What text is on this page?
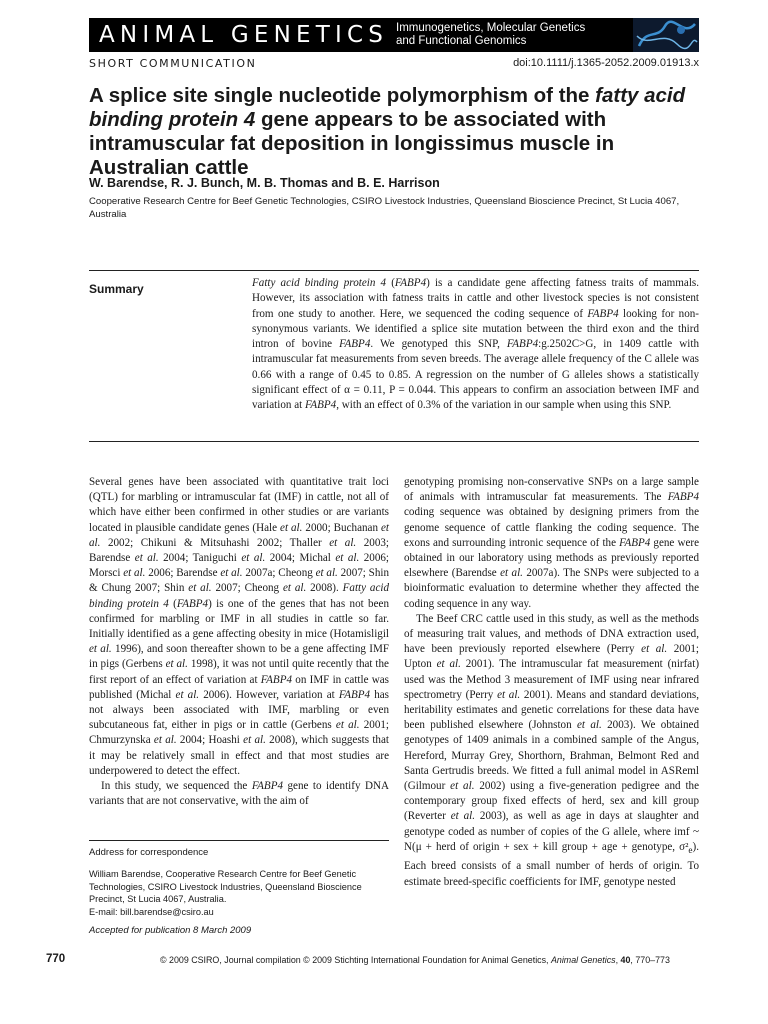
ANIMAL GENETICS Immunogenetics, Molecular Genetics
and Functional Genomics
SHORT COMMUNICATION	doi:10.1111/j.1365-2052.2009.01913.x
A splice site single nucleotide polymorphism of the fatty acid binding protein 4 gene appears to be associated with intramuscular fat deposition in longissimus muscle in Australian cattle
W. Barendse, R. J. Bunch, M. B. Thomas and B. E. Harrison
Cooperative Research Centre for Beef Genetic Technologies, CSIRO Livestock Industries, Queensland Bioscience Precinct, St Lucia 4067, Australia
Summary	Fatty acid binding protein 4 (FABP4) is a candidate gene affecting fatness traits of mammals. However, its association with fatness traits in cattle and other livestock species is not consistent from one study to another. Here, we sequenced the coding sequence of FABP4 looking for non-synonymous variants. We identified a splice site mutation between the third exon and the third intron of bovine FABP4. We genotyped this SNP, FABP4:g.2502C>G, in 1409 cattle with intramuscular fat measurements from seven breeds. The average allele frequency of the C allele was 0.66 with a range of 0.45 to 0.85. A regression on the number of G alleles shows a statistically significant effect of α = 0.11, P = 0.044. This appears to confirm an association between IMF and variation at FABP4, with an effect of 0.3% of the variation in our sample when using this SNP.

Several genes have been associated with quantitative trait loci (QTL) for marbling or intramuscular fat (IMF) in cattle, not all of which have either been confirmed in other studies or are variants located in plausible candidate genes (Hale et al. 2000; Buchanan et al. 2002; Chikuni & Mitsuhashi 2002; Thaller et al. 2003; Barendse et al. 2004; Taniguchi et al. 2004; Michal et al. 2006; Morsci et al. 2006; Barendse et al. 2007a; Cheong et al. 2007; Shin & Chung 2007; Shin et al. 2007; Cheong et al. 2008). Fatty acid binding protein 4 (FABP4) is one of the genes that has not been confirmed for marbling or IMF in all studies in cattle so far. Initially identified as a gene affecting obesity in mice (Hotamisligil et al. 1996), and soon thereafter shown to be a gene affecting IMF in pigs (Gerbens et al. 1998), it was not until quite recently that the first report of an effect of variation at FABP4 on IMF in cattle was published (Michal et al. 2006). However, variation at FABP4 has not always been associated with IMF, marbling or even subcutaneous fat, either in pigs or in cattle (Gerbens et al. 2001; Chmurzynska et al. 2004; Hoashi et al. 2008), which suggests that it may be relatively small in effect and that most studies are underpowered to detect the effect.

In this study, we sequenced the FABP4 gene to identify DNA variants that are not conservative, with the aim of

genotyping promising non-conservative SNPs on a large sample of animals with intramuscular fat measurements. The FABP4 coding sequence was obtained by designing primers from the genome sequence of cattle flanking the coding sequence. The exons and surrounding intronic sequence of the FABP4 gene were obtained in our laboratory using methods as previously reported elsewhere (Barendse et al. 2007a). The SNPs were subjected to a bioinformatic evaluation to determine whether they affected the coding sequence in any way.

The Beef CRC cattle used in this study, as well as the methods of measuring trait values, and methods of DNA extraction used, have been previously reported elsewhere (Perry et al. 2001; Upton et al. 2001). The intramuscular fat measurement (nirfat) used was the Method 3 measurement of IMF using near infrared spectrometry (Perry et al. 2001). Means and standard deviations, heritability estimates and genetic correlations for these data have been published elsewhere (Johnston et al. 2003). We obtained genotypes of 1409 animals in a combined sample of the Angus, Hereford, Murray Grey, Shorthorn, Brahman, Belmont Red and Santa Gertrudis breeds. We fitted a full animal model in ASReml (Gilmour et al. 2002) using a five-generation pedigree and the contemporary group fixed effects of herd, sex and kill group (Reverter et al. 2003), as well as age in days at slaughter and genotype coded as number of copies of the G allele, where imf ~ N(μ + herd of origin + sex + kill group + age + genotype, $\sigma^2_e$). Each breed consists of a small number of herds of origin. To estimate breed-specific coefficients for IMF, genotype nested

Address for correspondence
William Barendse, Cooperative Research Centre for Beef Genetic Technologies, CSIRO Livestock Industries, Queensland Bioscience Precinct, St Lucia 4067, Australia.
E-mail: bill.barendse@csiro.au
Accepted for publication 8 March 2009
770	© 2009 CSIRO, Journal compilation © 2009 Stichting International Foundation for Animal Genetics, Animal Genetics, 40, 770–773
